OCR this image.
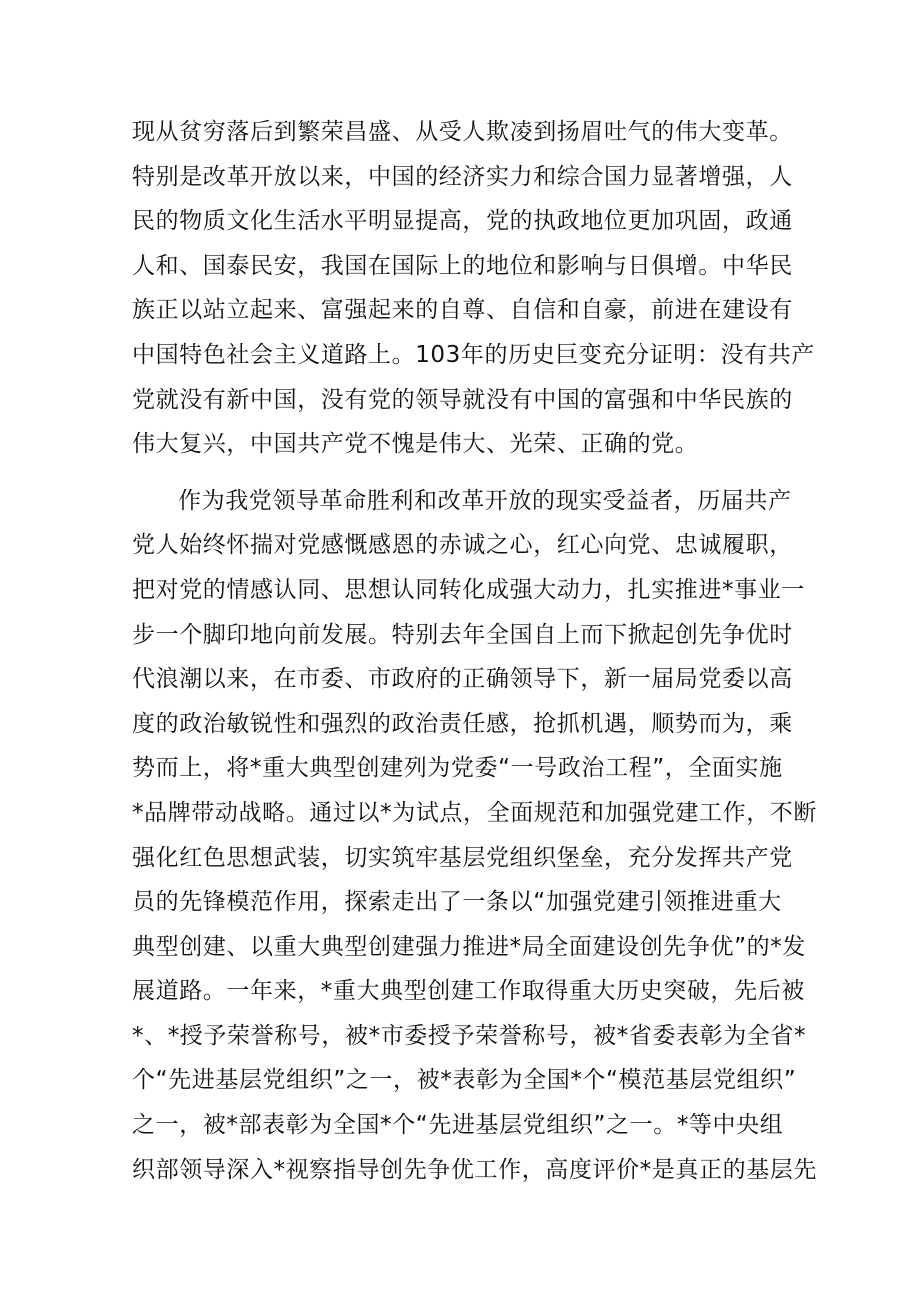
现从贫穷落后到繁荣昌盛、从受人欺凌到扬眉吐气的伟大变革。
特别是改革开放以来，中国的经济实力和综合国力显著增强，人
民的物质文化生活水平明显提高，党的执政地位更加巩固，政通
人和、国泰民安，我国在国际上的地位和影响与日俱增。中华民
族正以站立起来、富强起来的自尊、自信和自豪，前进在建设有
中国特色社会主义道路上。103年的历史巨变充分证明：没有共产
党就没有新中国，没有党的领导就没有中国的富强和中华民族的
伟大复兴，中国共产党不愧是伟大、光荣、正确的党。
作为我党领导革命胜利和改革开放的现实受益者，历届共产
党人始终怀揣对党感慨感恩的赤诚之心，红心向党、忠诚履职，
把对党的情感认同、思想认同转化成强大动力，扎实推进*事业一
步一个脚印地向前发展。特别去年全国自上而下掀起创先争优时
代浪潮以来，在市委、市政府的正确领导下，新一届局党委以高
度的政治敏锐性和强烈的政治责任感，抢抓机遇，顺势而为，乘
势而上，将*重大典型创建列为党委“一号政治工程”，全面实施
*品牌带动战略。通过以*为试点，全面规范和加强党建工作，不断
强化红色思想武装，切实筑牢基层党组织堡垒，充分发挥共产党
员的先锋模范作用，探索走出了一条以“加强党建引领推进重大
典型创建、以重大典型创建强力推进*局全面建设创先争优”的*发
展道路。一年来，*重大典型创建工作取得重大历史突破，先后被
*、*授予荣誉称号，被*市委授予荣誉称号，被*省委表彰为全省*
个“先进基层党组织”之一，被*表彰为全国*个“模范基层党组织”
之一，被*部表彰为全国*个“先进基层党组织”之一。*等中央组
织部领导深入*视察指导创先争优工作，高度评价*是真正的基层先
